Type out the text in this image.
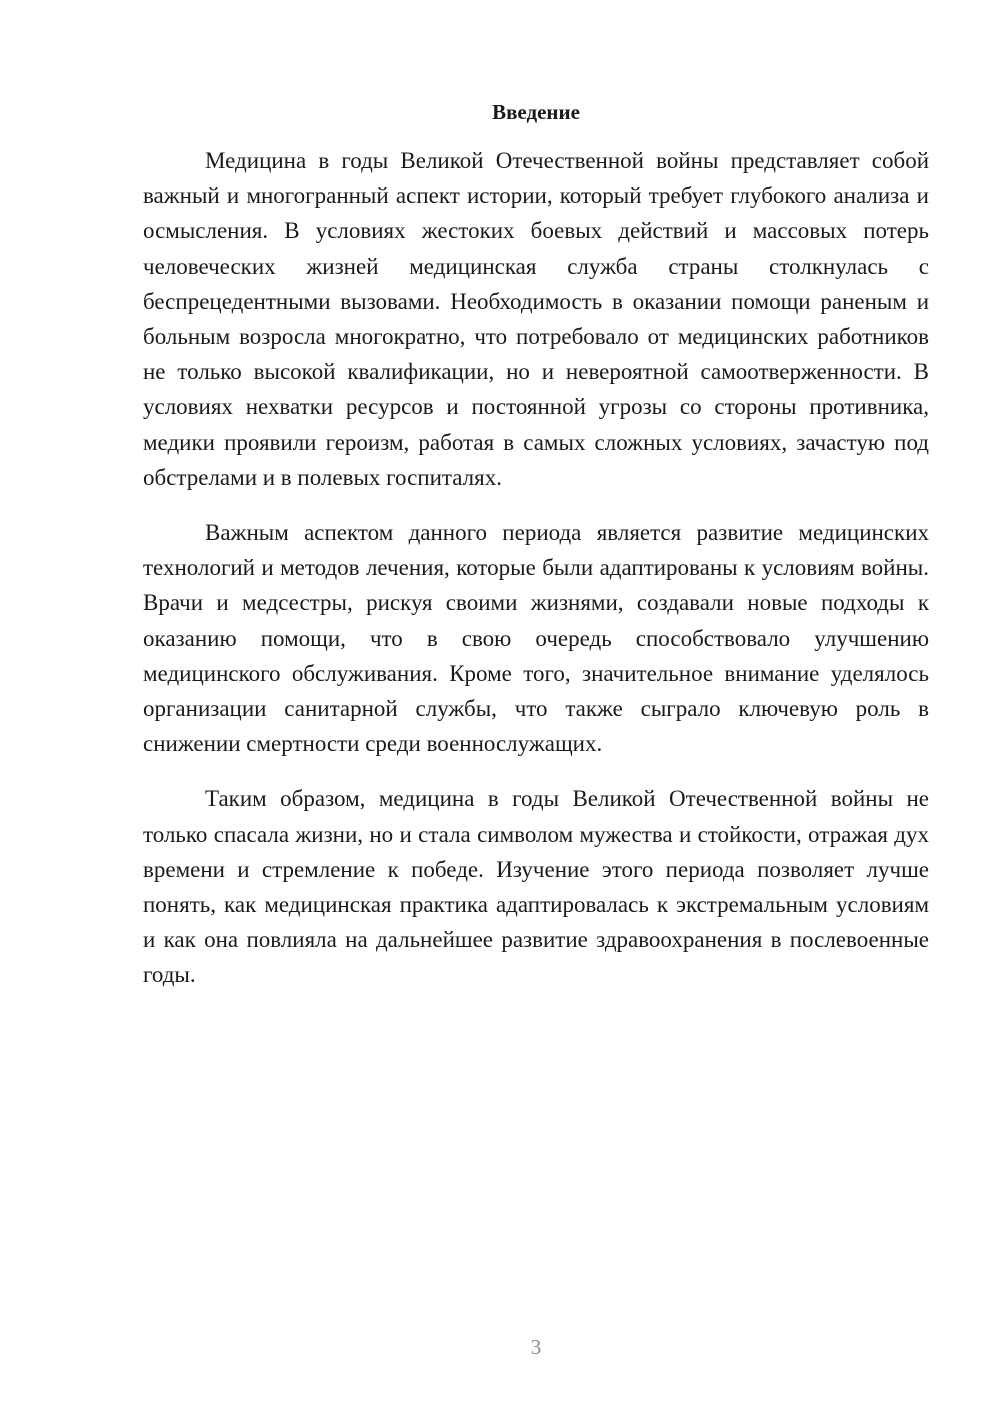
Введение

Медицина в годы Великой Отечественной войны представляет собой важный и многогранный аспект истории, который требует глубокого анализа и осмысления. В условиях жестоких боевых действий и массовых потерь человеческих жизней медицинская служба страны столкнулась с беспрецедентными вызовами. Необходимость в оказании помощи раненым и больным возросла многократно, что потребовало от медицинских работников не только высокой квалификации, но и невероятной самоотверженности. В условиях нехватки ресурсов и постоянной угрозы со стороны противника, медики проявили героизм, работая в самых сложных условиях, зачастую под обстрелами и в полевых госпиталях.

Важным аспектом данного периода является развитие медицинских технологий и методов лечения, которые были адаптированы к условиям войны. Врачи и медсестры, рискуя своими жизнями, создавали новые подходы к оказанию помощи, что в свою очередь способствовало улучшению медицинского обслуживания. Кроме того, значительное внимание уделялось организации санитарной службы, что также сыграло ключевую роль в снижении смертности среди военнослужащих.

Таким образом, медицина в годы Великой Отечественной войны не только спасала жизни, но и стала символом мужества и стойкости, отражая дух времени и стремление к победе. Изучение этого периода позволяет лучше понять, как медицинская практика адаптировалась к экстремальным условиям и как она повлияла на дальнейшее развитие здравоохранения в послевоенные годы.

3
